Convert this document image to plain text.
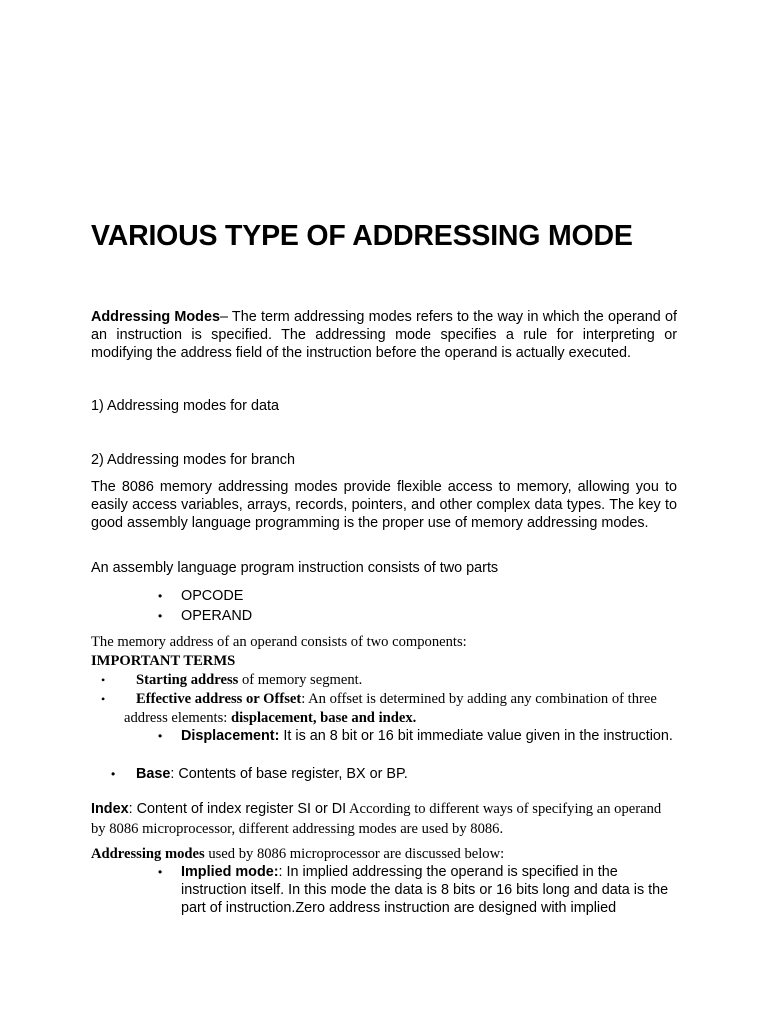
VARIOUS TYPE OF ADDRESSING MODE

Addressing Modes– The term addressing modes refers to the way in which the operand of an instruction is specified. The addressing mode specifies a rule for interpreting or modifying the address field of the instruction before the operand is actually executed.

1) Addressing modes for data

2) Addressing modes for branch

The 8086 memory addressing modes provide flexible access to memory, allowing you to easily access variables, arrays, records, pointers, and other complex data types. The key to good assembly language programming is the proper use of memory addressing modes.

An assembly language program instruction consists of two parts

• OPCODE
• OPERAND

The memory address of an operand consists of two components:

IMPORTANT TERMS

•	Starting address of memory segment.
•	Effective address or Offset: An offset is determined by adding any combination of three address elements: displacement, base and index.
•	Displacement: It is an 8 bit or 16 bit immediate value given in the instruction.
•	Base: Contents of base register, BX or BP.

Index: Content of index register SI or DI According to different ways of specifying an operand by 8086 microprocessor, different addressing modes are used by 8086.

Addressing modes used by 8086 microprocessor are discussed below:

•	Implied mode:: In implied addressing the operand is specified in the instruction itself. In this mode the data is 8 bits or 16 bits long and data is the part of instruction.Zero address instruction are designed with implied
